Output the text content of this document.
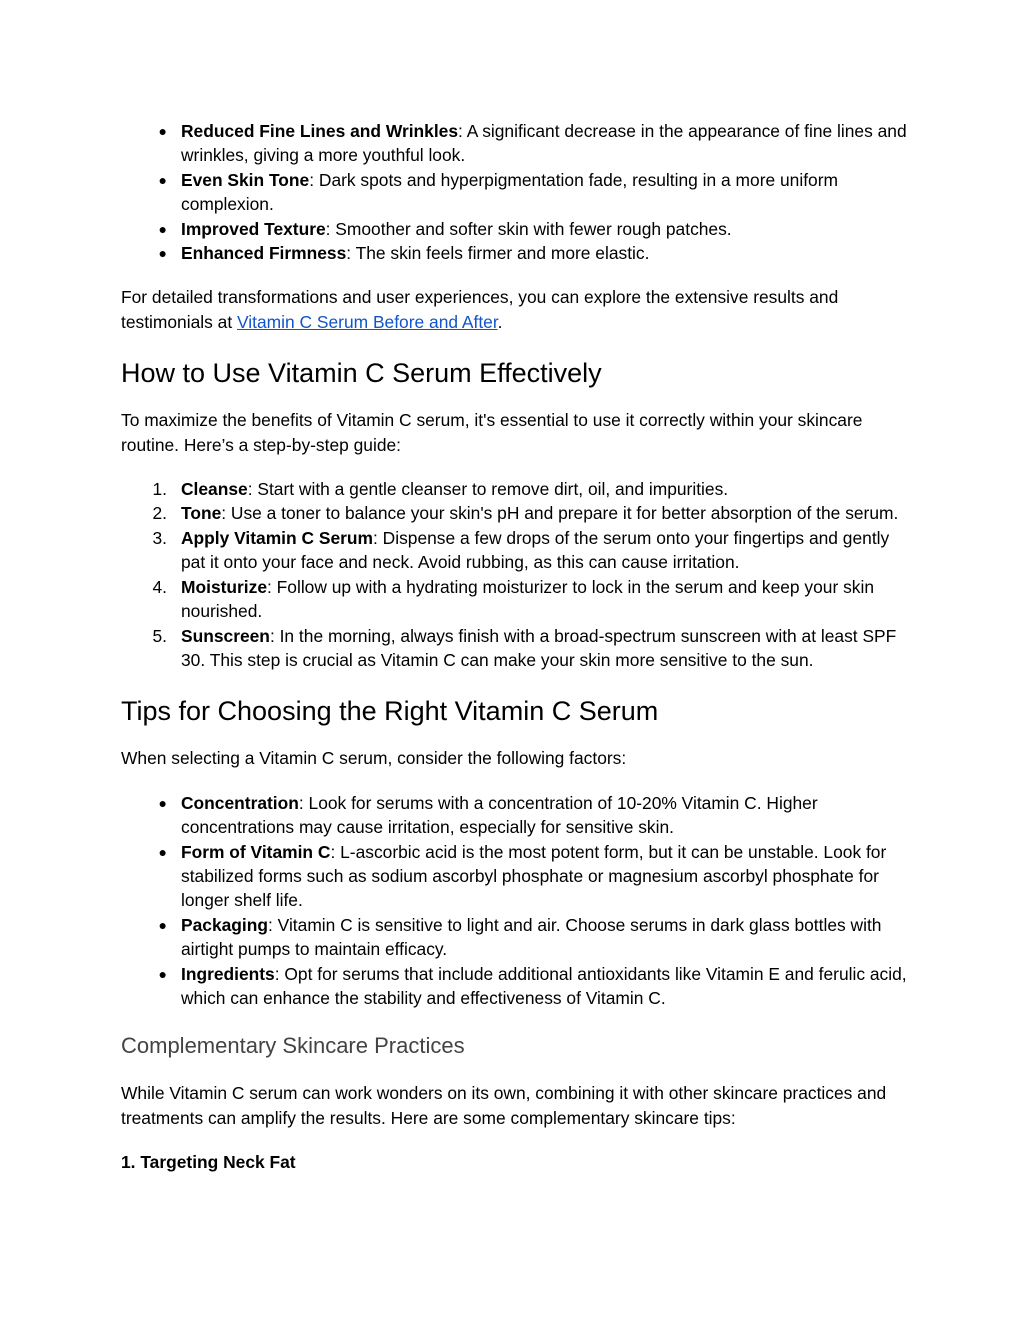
● Reduced Fine Lines and Wrinkles: A significant decrease in the appearance of fine lines and wrinkles, giving a more youthful look.
● Even Skin Tone: Dark spots and hyperpigmentation fade, resulting in a more uniform complexion.
● Improved Texture: Smoother and softer skin with fewer rough patches.
● Enhanced Firmness: The skin feels firmer and more elastic.

For detailed transformations and user experiences, you can explore the extensive results and testimonials at Vitamin C Serum Before and After.

How to Use Vitamin C Serum Effectively

To maximize the benefits of Vitamin C serum, it's essential to use it correctly within your skincare routine. Here’s a step-by-step guide:

1. Cleanse: Start with a gentle cleanser to remove dirt, oil, and impurities.
2. Tone: Use a toner to balance your skin's pH and prepare it for better absorption of the serum.
3. Apply Vitamin C Serum: Dispense a few drops of the serum onto your fingertips and gently pat it onto your face and neck. Avoid rubbing, as this can cause irritation.
4. Moisturize: Follow up with a hydrating moisturizer to lock in the serum and keep your skin nourished.
5. Sunscreen: In the morning, always finish with a broad-spectrum sunscreen with at least SPF 30. This step is crucial as Vitamin C can make your skin more sensitive to the sun.
Tips for Choosing the Right Vitamin C Serum

When selecting a Vitamin C serum, consider the following factors:

● Concentration: Look for serums with a concentration of 10-20% Vitamin C. Higher concentrations may cause irritation, especially for sensitive skin.
● Form of Vitamin C: L-ascorbic acid is the most potent form, but it can be unstable. Look for stabilized forms such as sodium ascorbyl phosphate or magnesium ascorbyl phosphate for longer shelf life.
● Packaging: Vitamin C is sensitive to light and air. Choose serums in dark glass bottles with airtight pumps to maintain efficacy.
● Ingredients: Opt for serums that include additional antioxidants like Vitamin E and ferulic acid, which can enhance the stability and effectiveness of Vitamin C.
Complementary Skincare Practices

While Vitamin C serum can work wonders on its own, combining it with other skincare practices and treatments can amplify the results. Here are some complementary skincare tips:

1. Targeting Neck Fat
